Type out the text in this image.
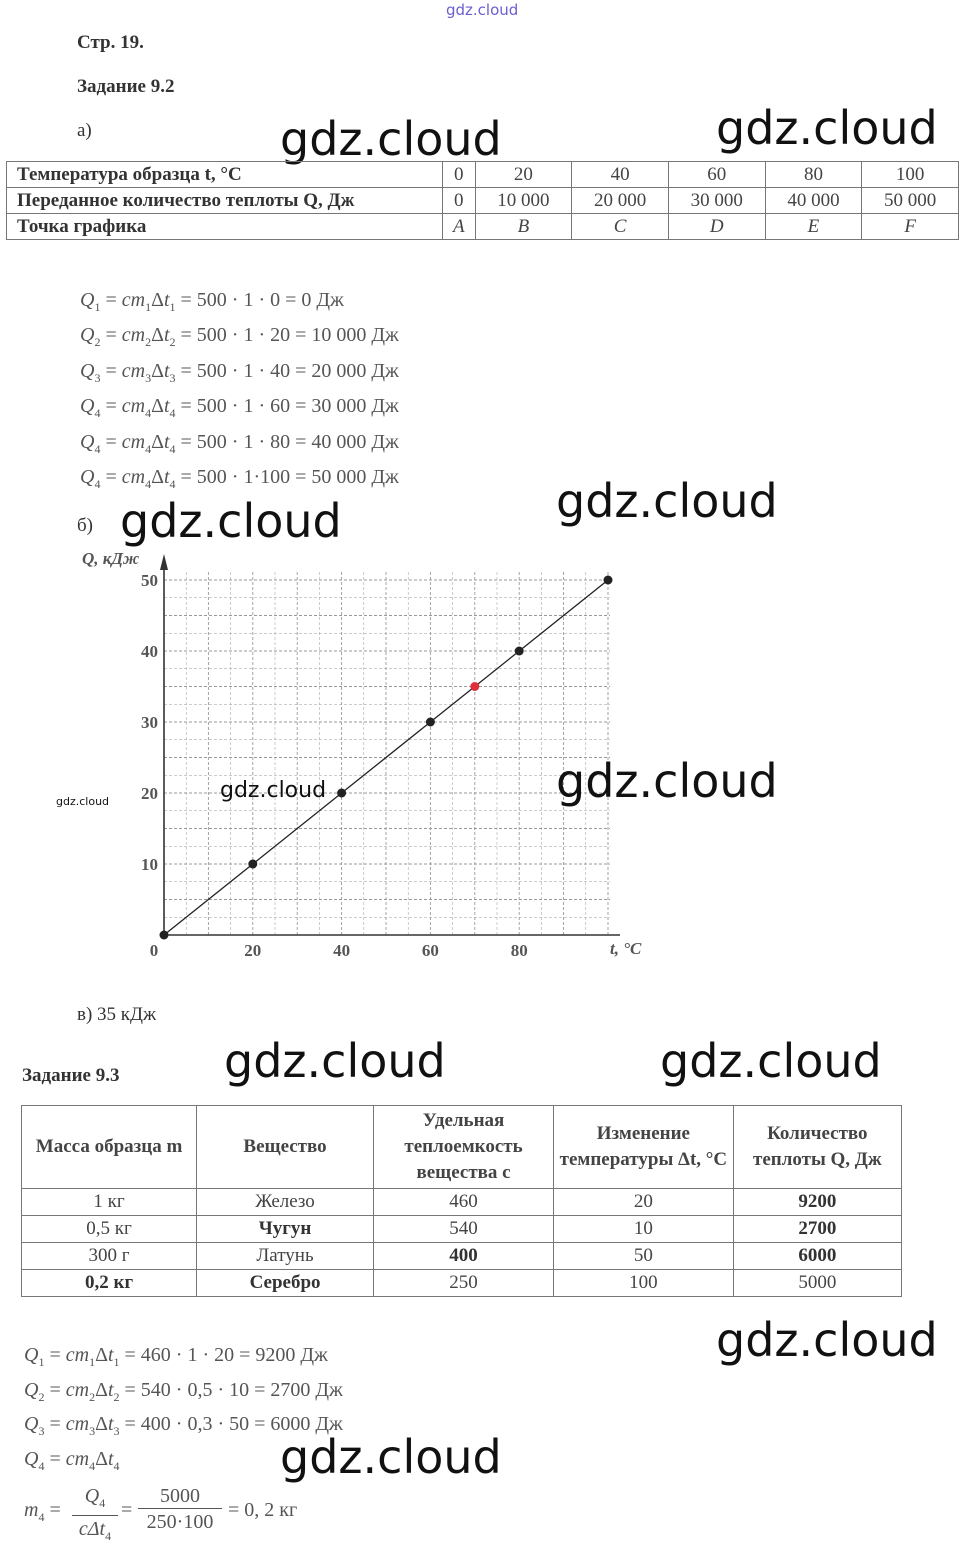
gdz.cloud
Стр. 19.
Задание 9.2
а)	gdz.cloud	gdz.cloud
Температура образца t, °C	0	20	40	60	80	100
Переданное количество теплоты Q, Дж	0	10 000	20 000	30 000	40 000	50 000
Точка графика	A	B	C	D	E	F
$Q_1 = cm_1\Delta t_1 = 500 \cdot 1 \cdot 0 = 0$ Дж
$Q_2 = cm_2\Delta t_2 = 500 \cdot 1 \cdot 20 = 10$ 000 Дж
$Q_3 = cm_3\Delta t_3 = 500 \cdot 1 \cdot 40 = 20$ 000 Дж
$Q_4 = cm_4\Delta t_4 = 500 \cdot 1 \cdot 60 = 30$ 000 Дж
$Q_4 = cm_4\Delta t_4 = 500 \cdot 1 \cdot 80 = 40$ 000 Дж
$Q_4 = cm_4\Delta t_4 = 500 \cdot 1\cdot 100 = 50$ 000 Дж
б) gdz.cloud	gdz.cloud
0	20	40	60	80
10
20
30
40
50
t, °C
Q, кДж
gdz.cloud
gdz.cloud	gdz.cloud
в) 35 кДж
Задание 9.3 gdz.cloud	gdz.cloud
Масса образца m	Вещество	Удельная теплоемкость вещества c	Изменение температуры Δt, °C	Количество теплоты Q, Дж
1 кг	Железо	460	20	9200
0,5 кг	Чугун	540	10	2700
300 г	Латунь	400	50	6000
0,2 кг	Серебро	250	100	5000
gdz.cloud
$Q_1 = cm_1\Delta t_1 = 460 \cdot 1 \cdot 20 = 9200$ Дж
$Q_2 = cm_2\Delta t_2 = 540 \cdot 0,5 \cdot 10 = 2700$ Дж
$Q_3 = cm_3\Delta t_3 = 400 \cdot 0,3 \cdot 50 = 6000$ Дж
$Q_4 = cm_4\Delta t_4$	gdz.cloud
$m_4$ =
$Q_4$
cΔt$_4$
= $\frac{5000}{250\cdot 100} = 0$, 2 кг
